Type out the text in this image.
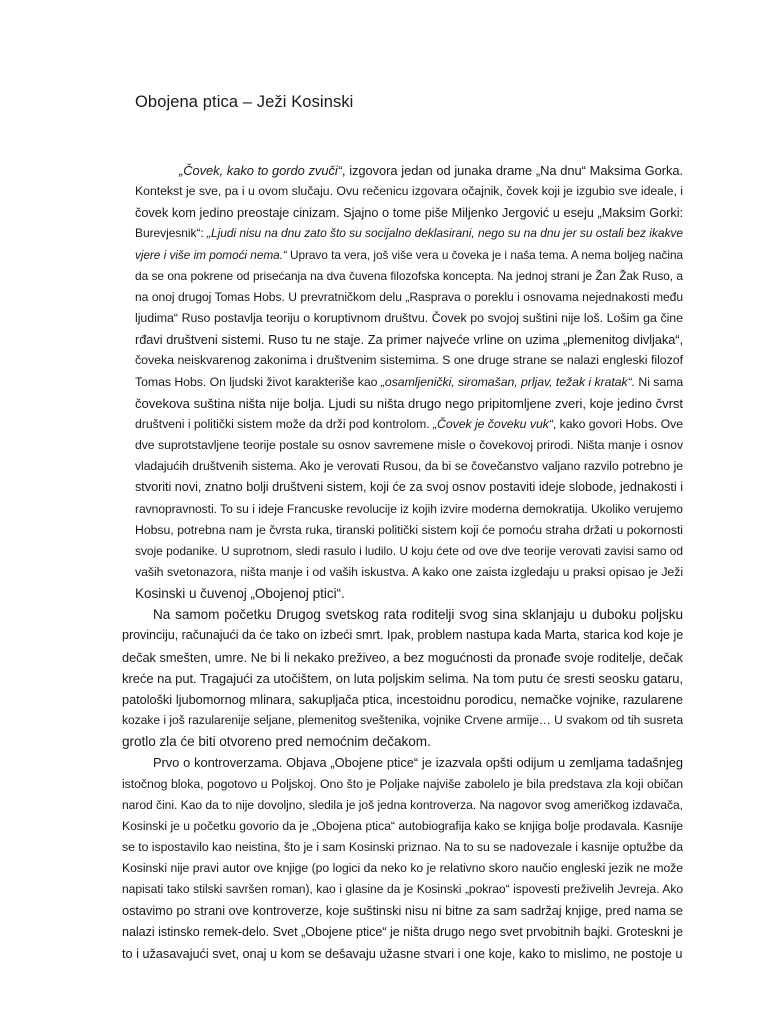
Obojena ptica – Ježi Kosinski

„Čovek, kako to gordo zvuči“, izgovora jedan od junaka drame „Na dnu“ Maksima Gorka.
Kontekst je sve, pa i u ovom slučaju. Ovu rečenicu izgovara očajnik, čovek koji je izgubio sve ideale, i
čovek kom jedino preostaje cinizam. Sjajno o tome piše Miljenko Jergović u eseju „Maksim Gorki:
Burevjesnik“: „Ljudi nisu na dnu zato što su socijalno deklasirani, nego su na dnu jer su ostali bez ikakve
vjere i više im pomoći nema.“ Upravo ta vera, još više vera u čoveka je i naša tema. A nema boljeg načina
da se ona pokrene od prisećanja na dva čuvena filozofska koncepta. Na jednoj strani je Žan Žak Ruso, a
na onoj drugoj Tomas Hobs. U prevratničkom delu „Rasprava o poreklu i osnovama nejednakosti među
ljudima“ Ruso postavlja teoriju o koruptivnom društvu. Čovek po svojoj suštini nije loš. Lošim ga čine
rđavi društveni sistemi. Ruso tu ne staje. Za primer najveće vrline on uzima „plemenitog divljaka“,
čoveka neiskvarenog zakonima i društvenim sistemima. S one druge strane se nalazi engleski filozof
Tomas Hobs. On ljudski život karakteriše kao „osamljenički, siromašan, prljav, težak i kratak“. Ni sama
čovekova suština ništa nije bolja. Ljudi su ništa drugo nego pripitomljene zveri, koje jedino čvrst
društveni i politički sistem može da drži pod kontrolom. „Čovek je čoveku vuk“, kako govori Hobs. Ove
dve suprotstavljene teorije postale su osnov savremene misle o čovekovoj prirodi. Ništa manje i osnov
vladajućih društvenih sistema. Ako je verovati Rusou, da bi se čovečanstvo valjano razvilo potrebno je
stvoriti novi, znatno bolji društveni sistem, koji će za svoj osnov postaviti ideje slobode, jednakosti i
ravnopravnosti. To su i ideje Francuske revolucije iz kojih izvire moderna demokratija. Ukoliko verujemo
Hobsu, potrebna nam je čvrsta ruka, tiranski politički sistem koji će pomoću straha držati u pokornosti
svoje podanike. U suprotnom, sledi rasulo i ludilo. U koju ćete od ove dve teorije verovati zavisi samo od
vaših svetonazora, ništa manje i od vaših iskustva. A kako one zaista izgledaju u praksi opisao je Ježi
Kosinski u čuvenoj „Obojenoj ptici“.

Na samom početku Drugog svetskog rata roditelji svog sina sklanjaju u duboku poljsku
provinciju, računajući da će tako on izbeći smrt. Ipak, problem nastupa kada Marta, starica kod koje je
dečak smešten, umre. Ne bi li nekako preživeo, a bez mogućnosti da pronađe svoje roditelje, dečak
kreće na put. Tragajući za utočištem, on luta poljskim selima. Na tom putu će sresti seosku gataru,
patološki ljubomornog mlinara, sakupljača ptica, incestoidnu porodicu, nemačke vojnike, razularene
kozake i još razularenije seljane, plemenitog sveštenika, vojnike Crvene armije… U svakom od tih susreta
grotlo zla će biti otvoreno pred nemoćnim dečakom.

Prvo o kontroverzama. Objava „Obojene ptice“ je izazvala opšti odijum u zemljama tadašnjeg
istočnog bloka, pogotovo u Poljskoj. Ono što je Poljake najviše zabolelo je bila predstava zla koji običan
narod čini. Kao da to nije dovoljno, sledila je još jedna kontroverza. Na nagovor svog američkog izdavača,
Kosinski je u početku govorio da je „Obojena ptica“ autobiografija kako se knjiga bolje prodavala. Kasnije
se to ispostavilo kao neistina, što je i sam Kosinski priznao. Na to su se nadovezale i kasnije optužbe da
Kosinski nije pravi autor ove knjige (po logici da neko ko je relativno skoro naučio engleski jezik ne može
napisati tako stilski savršen roman), kao i glasine da je Kosinski „pokrao“ ispovesti preživelih Jevreja. Ako
ostavimo po strani ove kontroverze, koje suštinski nisu ni bitne za sam sadržaj knjige, pred nama se
nalazi istinsko remek-delo. Svet „Obojene ptice“ je ništa drugo nego svet prvobitnih bajki. Groteskni je
to i užasavajući svet, onaj u kom se dešavaju užasne stvari i one koje, kako to mislimo, ne postoje u
